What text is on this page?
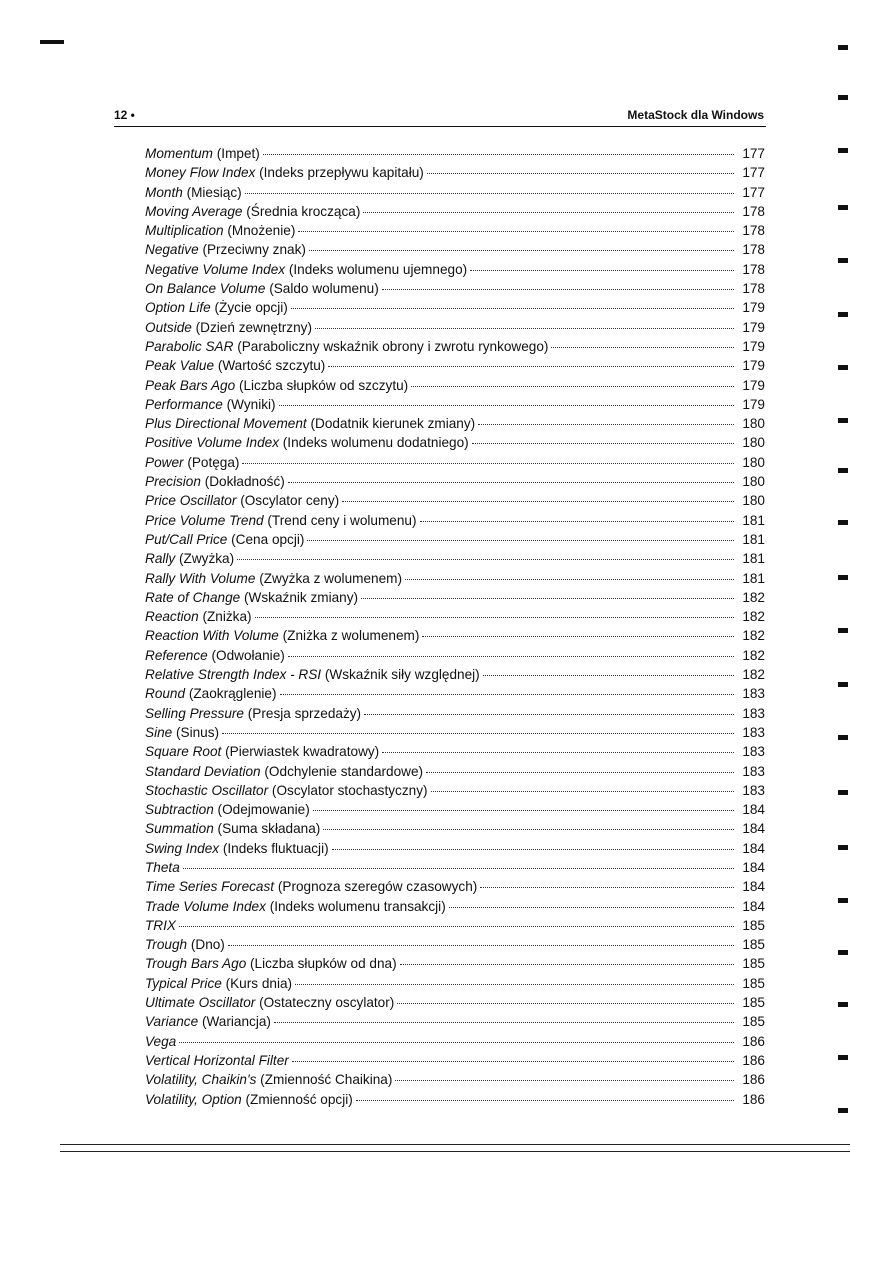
12 •	MetaStock dla Windows
Momentum (Impet)	177
Money Flow Index (Indeks przepływu kapitału)	177
Month (Miesiąc)	177
Moving Average (Średnia krocząca)	178
Multiplication (Mnożenie)	178
Negative (Przeciwny znak)	178
Negative Volume Index (Indeks wolumenu ujemnego)	178
On Balance Volume (Saldo wolumenu)	178
Option Life (Życie opcji)	179
Outside (Dzień zewnętrzny)	179
Parabolic SAR (Paraboliczny wskaźnik obrony i zwrotu rynkowego)	179
Peak Value (Wartość szczytu)	179
Peak Bars Ago (Liczba słupków od szczytu)	179
Performance (Wyniki)	179
Plus Directional Movement (Dodatnik kierunek zmiany)	180
Positive Volume Index (Indeks wolumenu dodatniego)	180
Power (Potęga)	180
Precision (Dokładność)	180
Price Oscillator (Oscylator ceny)	180
Price Volume Trend (Trend ceny i wolumenu)	181
Put/Call Price (Cena opcji)	181
Rally (Zwyżka)	181
Rally With Volume (Zwyżka z wolumenem)	181
Rate of Change (Wskaźnik zmiany)	182
Reaction (Zniżka)	182
Reaction With Volume (Zniżka z wolumenem)	182
Reference (Odwołanie)	182
Relative Strength Index - RSI (Wskaźnik siły względnej)	182
Round (Zaokrąglenie)	183
Selling Pressure (Presja sprzedaży)	183
Sine (Sinus)	183
Square Root (Pierwiastek kwadratowy)	183
Standard Deviation (Odchylenie standardowe)	183
Stochastic Oscillator (Oscylator stochastyczny)	183
Subtraction (Odejmowanie)	184
Summation (Suma składana)	184
Swing Index (Indeks fluktuacji)	184
Theta	184
Time Series Forecast (Prognoza szeregów czasowych)	184
Trade Volume Index (Indeks wolumenu transakcji)	184
TRIX	185
Trough (Dno)	185
Trough Bars Ago (Liczba słupków od dna)	185
Typical Price (Kurs dnia)	185
Ultimate Oscillator (Ostateczny oscylator)	185
Variance (Wariancja)	185
Vega	186
Vertical Horizontal Filter	186
Volatility, Chaikin's (Zmienność Chaikina)	186
Volatility, Option (Zmienność opcji)	186
